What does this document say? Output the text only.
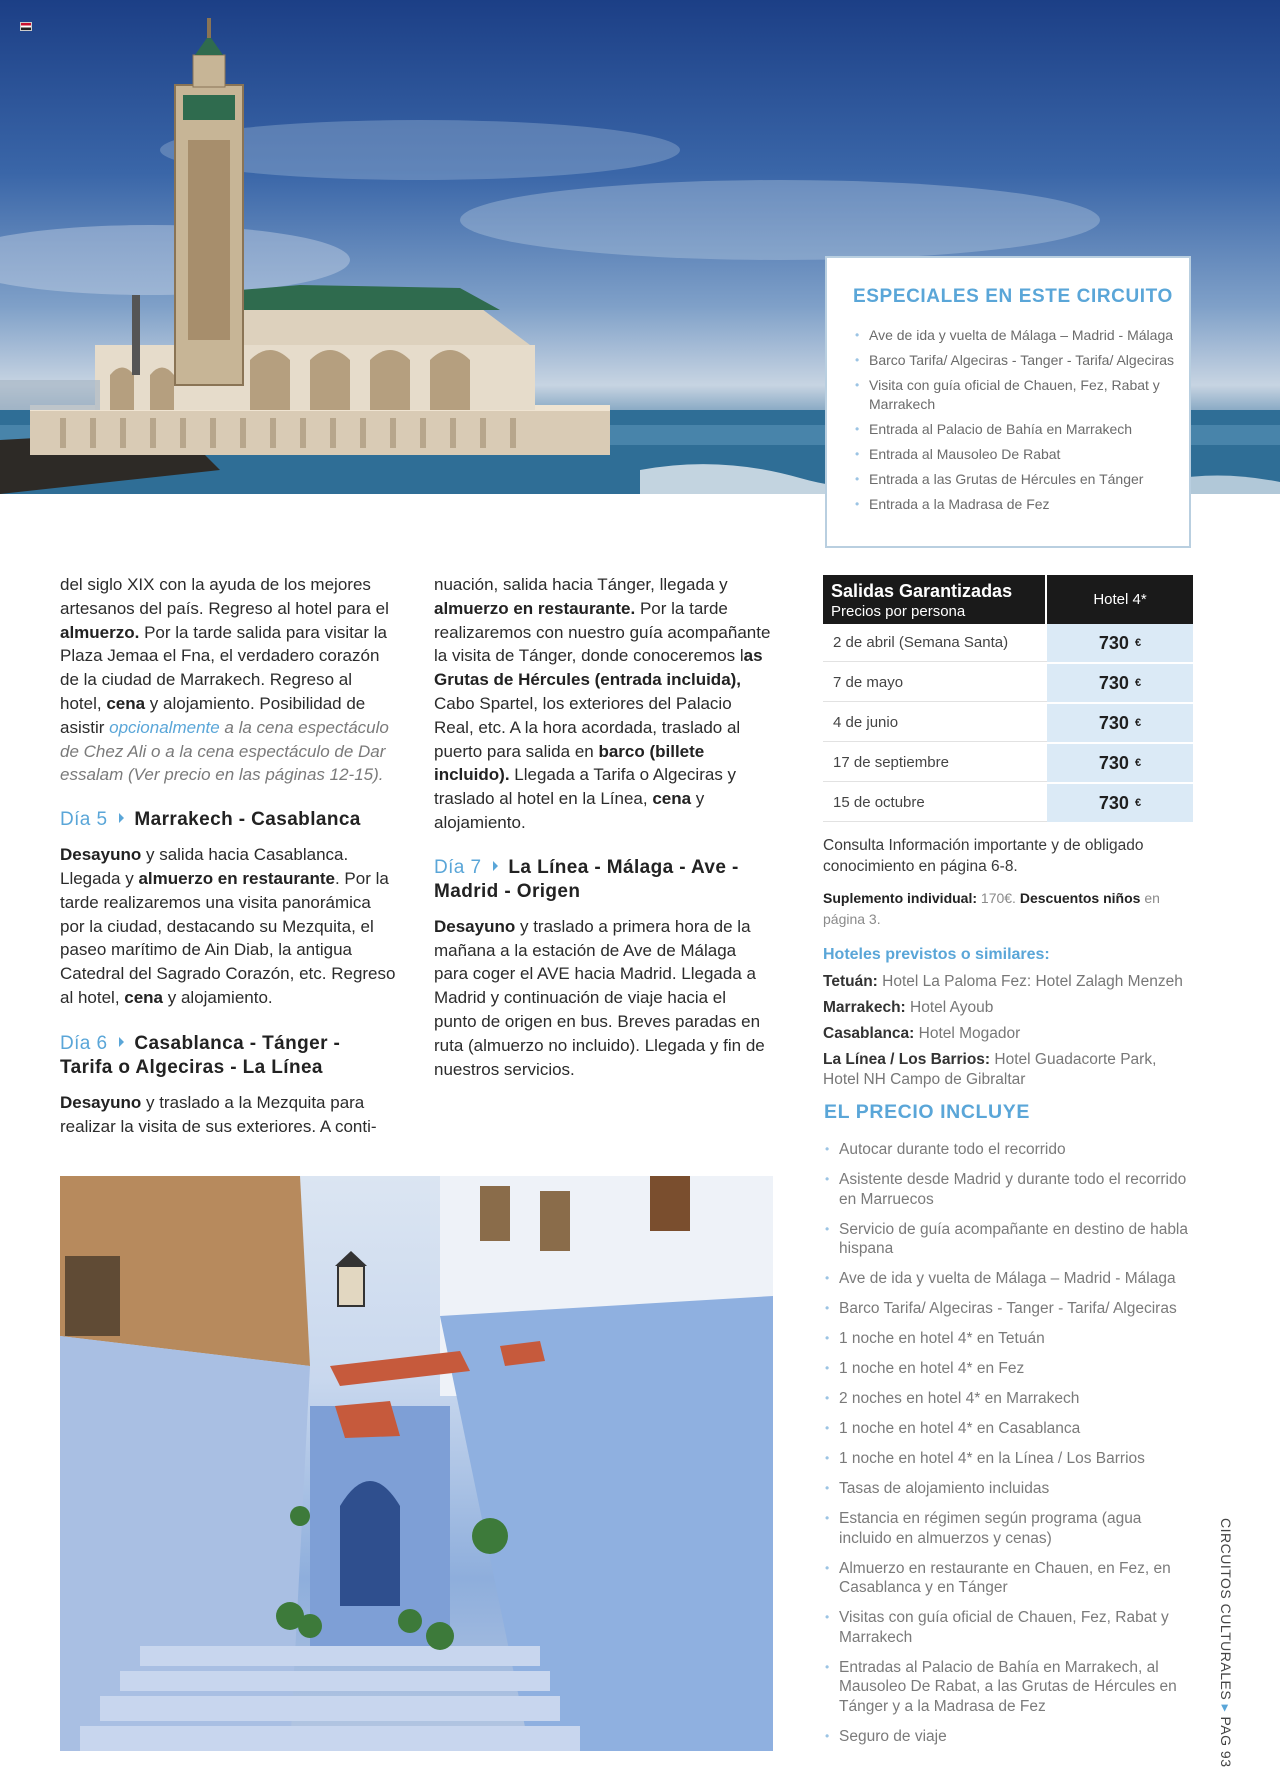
ESPECIALES EN ESTE CIRCUITO
• Ave de ida y vuelta de Málaga – Madrid - Málaga
• Barco Tarifa/ Algeciras - Tanger - Tarifa/ Algeciras
• Visita con guía oficial de Chauen, Fez, Rabat y Marrakech
• Entrada al Palacio de Bahía en Marrakech
• Entrada al Mausoleo De Rabat
• Entrada a las Grutas de Hércules en Tánger
• Entrada a la Madrasa de Fez

del siglo XIX con la ayuda de los mejores artesanos del país. Regreso al hotel para el almuerzo. Por la tarde salida para visitar la Plaza Jemaa el Fna, el verdadero corazón de la ciudad de Marrakech. Regreso al hotel, cena y alojamiento. Posibilidad de asistir opcionalmente a la cena espectáculo de Chez Ali o a la cena espectáculo de Dar essalam (Ver precio en las páginas 12-15).

Día 5 Marrakech - Casablanca

Desayuno y salida hacia Casablanca. Llegada y almuerzo en restaurante. Por la tarde realizaremos una visita panorámica por la ciudad, destacando su Mezquita, el paseo marítimo de Ain Diab, la antigua Catedral del Sagrado Corazón, etc. Regreso al hotel, cena y alojamiento.

Día 6 Casablanca - Tánger - Tarifa o Algeciras - La Línea

Desayuno y traslado a la Mezquita para realizar la visita de sus exteriores. A conti-

nuación, salida hacia Tánger, llegada y almuerzo en restaurante. Por la tarde realizaremos con nuestro guía acompañante la visita de Tánger, donde conoceremos las Grutas de Hércules (entrada incluida), Cabo Spartel, los exteriores del Palacio Real, etc. A la hora acordada, traslado al puerto para salida en barco (billete incluido). Llegada a Tarifa o Algeciras y traslado al hotel en la Línea, cena y alojamiento.

Día 7 La Línea - Málaga - Ave - Madrid - Origen

Desayuno y traslado a primera hora de la mañana a la estación de Ave de Málaga para coger el AVE hacia Madrid. Llegada a Madrid y continuación de viaje hacia el punto de origen en bus. Breves paradas en ruta (almuerzo no incluido). Llegada y fin de nuestros servicios.

Salidas Garantizadas
Precios por persona
Hotel 4*
2 de abril (Semana Santa)	730 €
7 de mayo	730 €
4 de junio	730 €
17 de septiembre	730 €
15 de octubre	730 €

Consulta Información importante y de obligado conocimiento en página 6-8.

Suplemento individual: 170€. Descuentos niños en página 3.

Hoteles previstos o similares:
Tetuán: Hotel La Paloma Fez: Hotel Zalagh Menzeh
Marrakech: Hotel Ayoub
Casablanca: Hotel Mogador
La Línea / Los Barrios: Hotel Guadacorte Park, Hotel NH Campo de Gibraltar
EL PRECIO INCLUYE
• Autocar durante todo el recorrido
• Asistente desde Madrid y durante todo el recorrido en Marruecos
• Servicio de guía acompañante en destino de habla hispana
• Ave de ida y vuelta de Málaga – Madrid - Málaga
• Barco Tarifa/ Algeciras - Tanger - Tarifa/ Algeciras
• 1 noche en hotel 4* en Tetuán
• 1 noche en hotel 4* en Fez
• 2 noches en hotel 4* en Marrakech
• 1 noche en hotel 4* en Casablanca
• 1 noche en hotel 4* en la Línea / Los Barrios
• Tasas de alojamiento incluidas
• Estancia en régimen según programa (agua incluido en almuerzos y cenas)
• Almuerzo en restaurante en Chauen, en Fez, en Casablanca y en Tánger
• Visitas con guía oficial de Chauen, Fez, Rabat y Marrakech
• Entradas al Palacio de Bahía en Marrakech, al Mausoleo De Rabat, a las Grutas de Hércules en Tánger y a la Madrasa de Fez
• Seguro de viaje
CIRCUITOS CULTURALES ▸ PAG 93
